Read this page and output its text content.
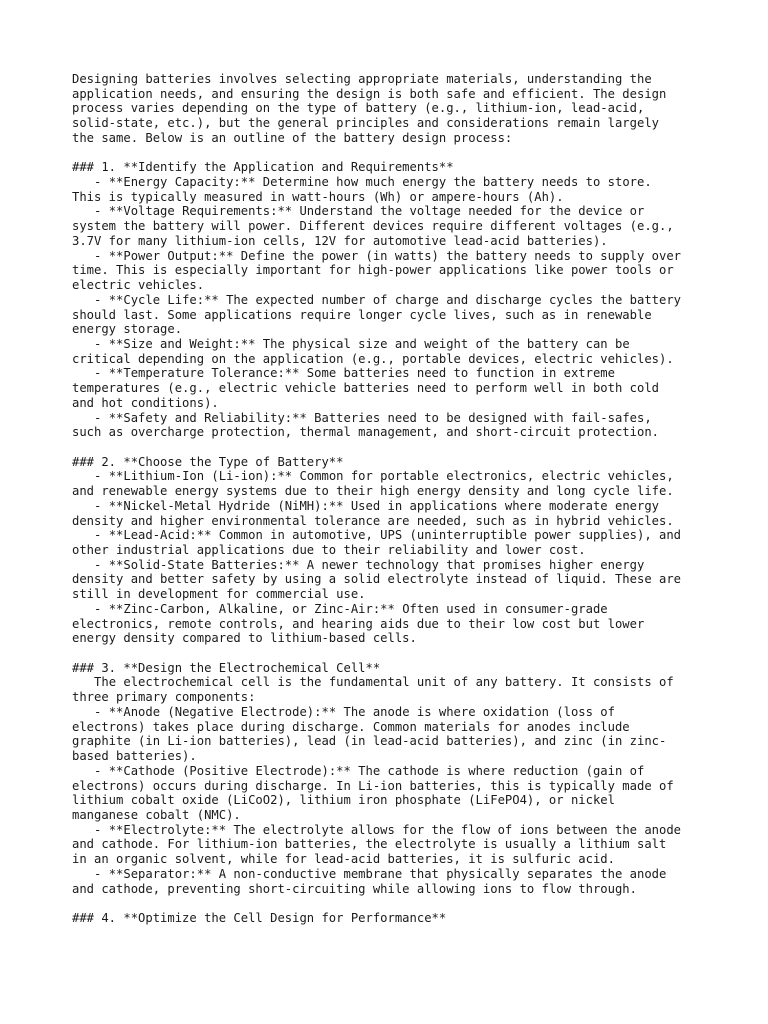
Designing batteries involves selecting appropriate materials, understanding the
application needs, and ensuring the design is both safe and efficient. The design
process varies depending on the type of battery (e.g., lithium-ion, lead-acid,
solid-state, etc.), but the general principles and considerations remain largely
the same. Below is an outline of the battery design process:
### 1. **Identify the Application and Requirements**
- **Energy Capacity:** Determine how much energy the battery needs to store.
This is typically measured in watt-hours (Wh) or ampere-hours (Ah).
- **Voltage Requirements:** Understand the voltage needed for the device or
system the battery will power. Different devices require different voltages (e.g.,
3.7V for many lithium-ion cells, 12V for automotive lead-acid batteries).
- **Power Output:** Define the power (in watts) the battery needs to supply over
time. This is especially important for high-power applications like power tools or
electric vehicles.
- **Cycle Life:** The expected number of charge and discharge cycles the battery
should last. Some applications require longer cycle lives, such as in renewable
energy storage.
- **Size and Weight:** The physical size and weight of the battery can be
critical depending on the application (e.g., portable devices, electric vehicles).
- **Temperature Tolerance:** Some batteries need to function in extreme
temperatures (e.g., electric vehicle batteries need to perform well in both cold
and hot conditions).
- **Safety and Reliability:** Batteries need to be designed with fail-safes,
such as overcharge protection, thermal management, and short-circuit protection.
### 2. **Choose the Type of Battery**
- **Lithium-Ion (Li-ion):** Common for portable electronics, electric vehicles,
and renewable energy systems due to their high energy density and long cycle life.
- **Nickel-Metal Hydride (NiMH):** Used in applications where moderate energy
density and higher environmental tolerance are needed, such as in hybrid vehicles.
- **Lead-Acid:** Common in automotive, UPS (uninterruptible power supplies), and
other industrial applications due to their reliability and lower cost.
- **Solid-State Batteries:** A newer technology that promises higher energy
density and better safety by using a solid electrolyte instead of liquid. These are
still in development for commercial use.
- **Zinc-Carbon, Alkaline, or Zinc-Air:** Often used in consumer-grade
electronics, remote controls, and hearing aids due to their low cost but lower
energy density compared to lithium-based cells.
### 3. **Design the Electrochemical Cell**
The electrochemical cell is the fundamental unit of any battery. It consists of
three primary components:
- **Anode (Negative Electrode):** The anode is where oxidation (loss of
electrons) takes place during discharge. Common materials for anodes include
graphite (in Li-ion batteries), lead (in lead-acid batteries), and zinc (in zinc-
based batteries).
- **Cathode (Positive Electrode):** The cathode is where reduction (gain of
electrons) occurs during discharge. In Li-ion batteries, this is typically made of
lithium cobalt oxide (LiCoO2), lithium iron phosphate (LiFePO4), or nickel
manganese cobalt (NMC).
- **Electrolyte:** The electrolyte allows for the flow of ions between the anode
and cathode. For lithium-ion batteries, the electrolyte is usually a lithium salt
in an organic solvent, while for lead-acid batteries, it is sulfuric acid.
- **Separator:** A non-conductive membrane that physically separates the anode
and cathode, preventing short-circuiting while allowing ions to flow through.
### 4. **Optimize the Cell Design for Performance**
